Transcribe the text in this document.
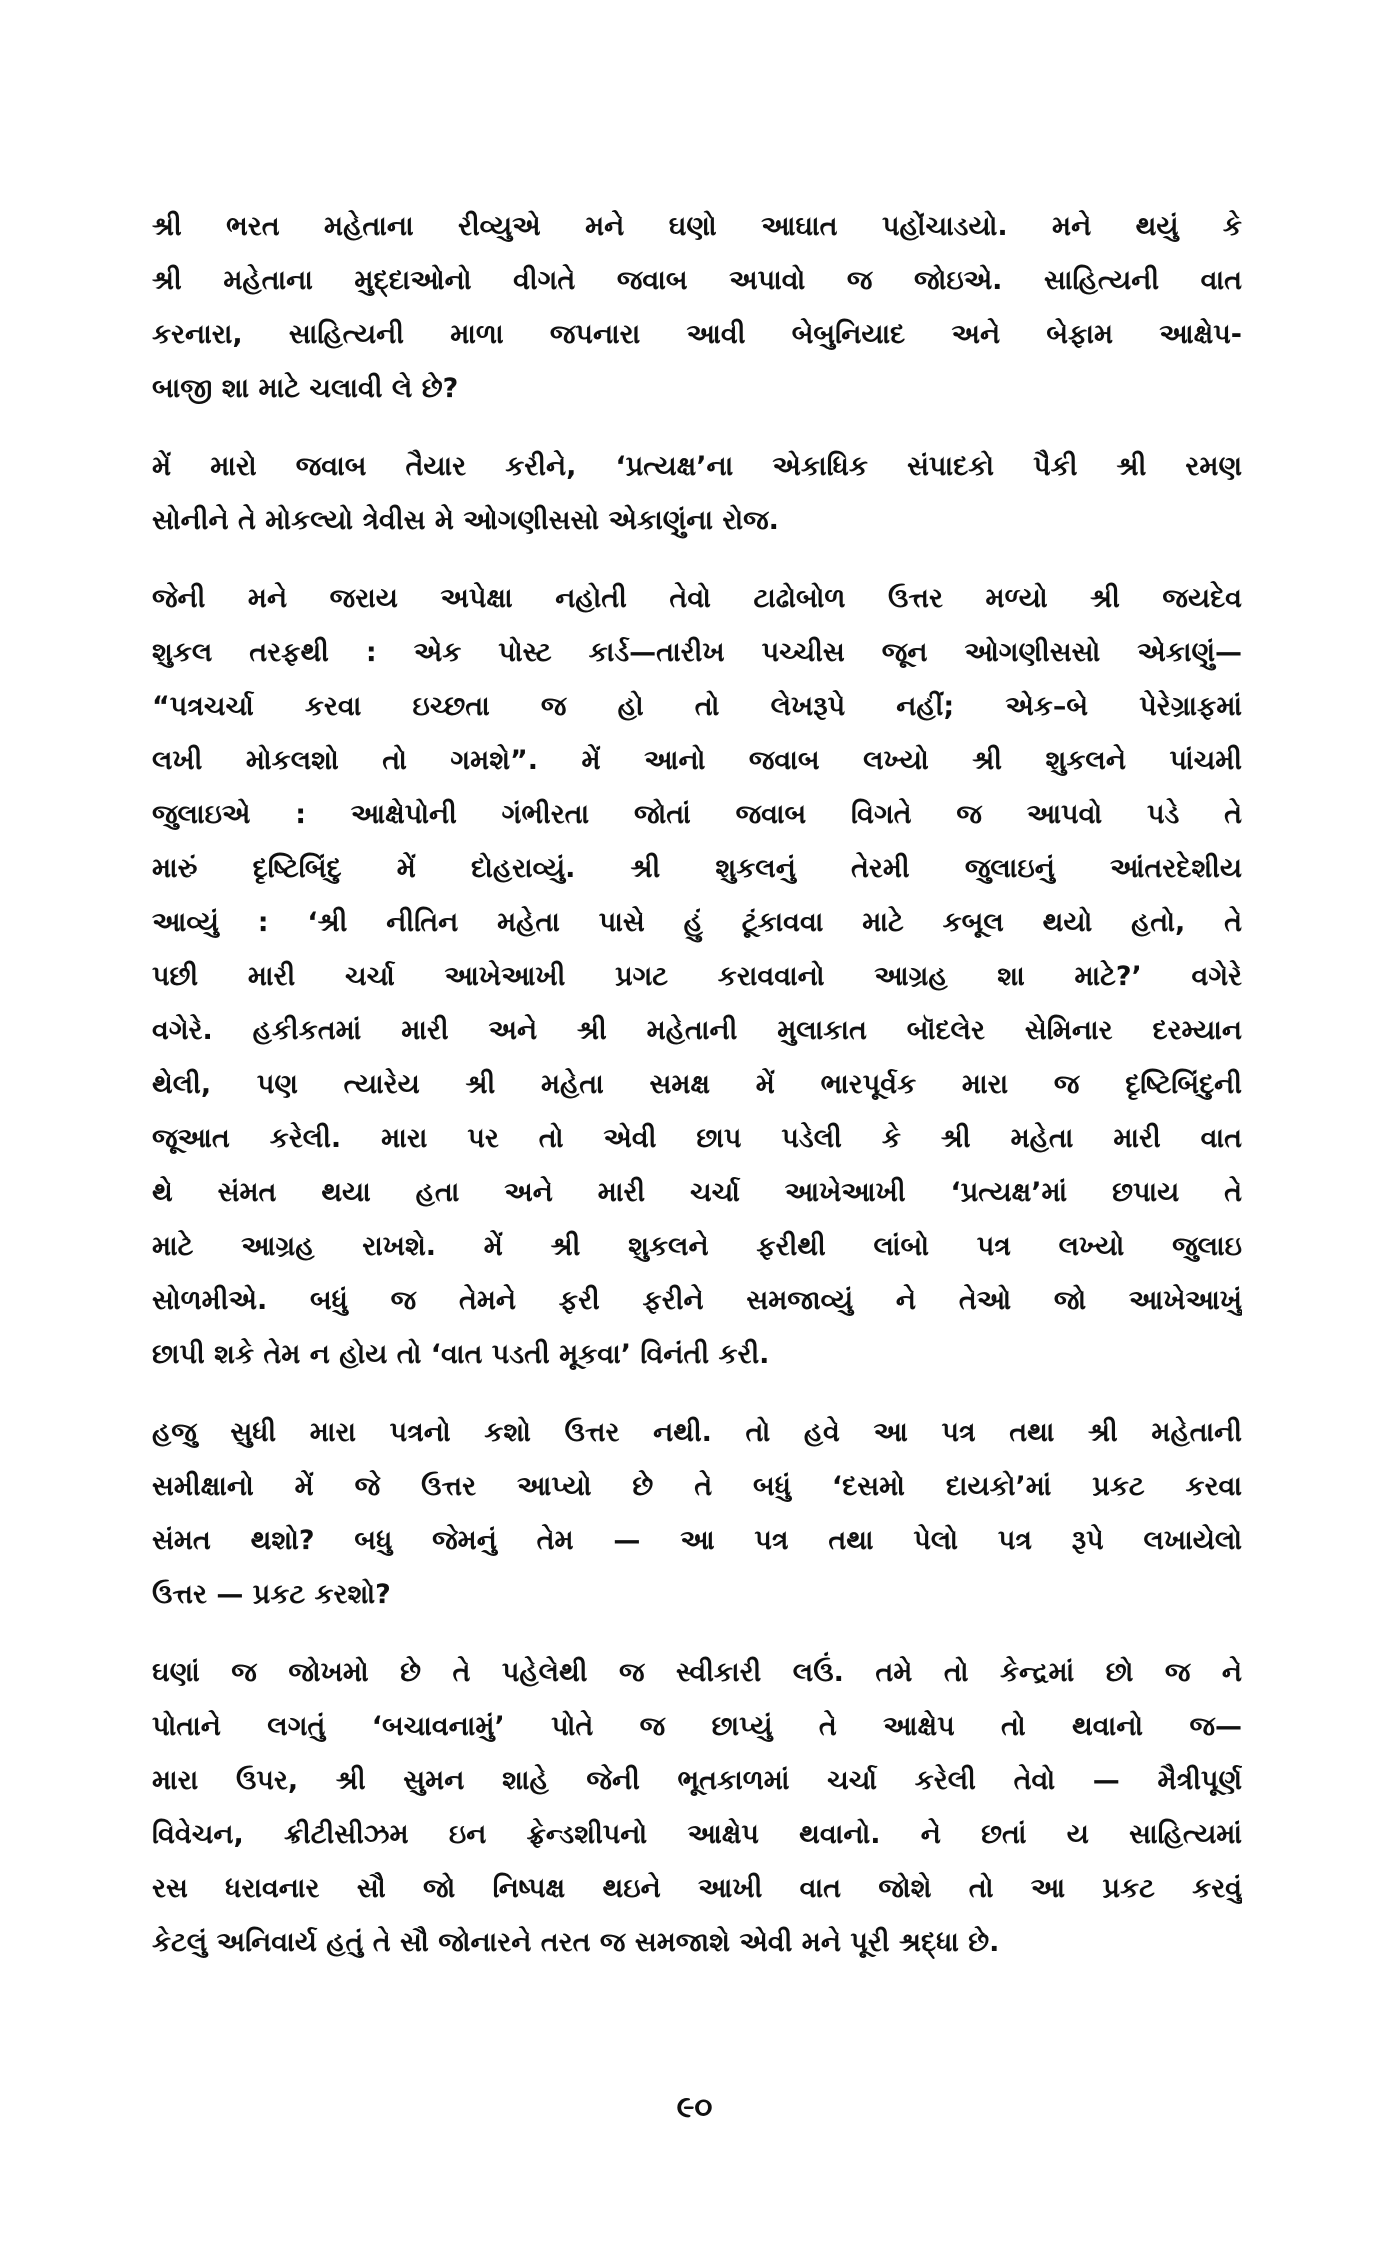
શ્રી ભરત મહેતાના રીવ્યુએ મને ઘણો આઘાત પહોંચાડયો. મને થયું કે
શ્રી મહેતાના મુદ્દાઓનો વીગતે જવાબ અપાવો જ જોઇએ. સાહિત્યની વાત
કરનારા, સાહિત્યની માળા જપનારા આવી બેબુનિયાદ અને બેફામ આક્ષેપ-
બાજી શા માટે ચલાવી લે છે?
મેં મારો જવાબ તૈયાર કરીને, ‘પ્રત્યક્ષ’ના એકાધિક સંપાદકો પૈકી શ્રી રમણ
સોનીને તે મોકલ્યો ત્રેવીસ મે ઓગણીસસો એકાણુંના રોજ.
જેની મને જરાય અપેક્ષા નહોતી તેવો ટાઢોબોળ ઉત્તર મળ્યો શ્રી જયદેવ
શુકલ તરફથી : એક પોસ્ટ કાર્ડ—તારીખ પચ્ચીસ જૂન ઓગણીસસો એકાણું—
“પત્રચર્ચા કરવા ઇચ્છતા જ હો તો લેખરૂપે નહીં; એક–બે પેરેગ્રાફમાં
લખી મોકલશો તો ગમશે”. મેં આનો જવાબ લખ્યો શ્રી શુકલને પાંચમી
જુલાઇએ : આક્ષેપોની ગંભીરતા જોતાં જવાબ વિગતે જ આપવો પડે તે
મારું દૃષ્ટિબિંદુ મેં દોહરાવ્યું. શ્રી શુકલનું તેરમી જુલાઇનું આંતરદેશીય
આવ્યું : ‘શ્રી નીતિન મહેતા પાસે હું ટૂંકાવવા માટે કબૂલ થયો હતો, તે
પછી મારી ચર્ચા આખેઆખી પ્રગટ કરાવવાનો આગ્રહ શા માટે?’ વગેરે
વગેરે. હકીકતમાં મારી અને શ્રી મહેતાની મુલાકાત બૉદલેર સેમિનાર દરમ્યાન
થેલી, પણ ત્યારેય શ્રી મહેતા સમક્ષ મેં ભારપૂર્વક મારા જ દૃષ્ટિબિંદુની
જૂઆત કરેલી. મારા પર તો એવી છાપ પડેલી કે શ્રી મહેતા મારી વાત
થે સંમત થયા હતા અને મારી ચર્ચા આખેઆખી ‘પ્રત્યક્ષ’માં છપાય તે
માટે આગ્રહ રાખશે. મેં શ્રી શુકલને ફરીથી લાંબો પત્ર લખ્યો જુલાઇ
સોળમીએ. બધું જ તેમને ફરી ફરીને સમજાવ્યું ને તેઓ જો આખેઆખું
છાપી શકે તેમ ન હોય તો ‘વાત પડતી મૂકવા’ વિનંતી કરી.
હજુ સુધી મારા પત્રનો કશો ઉત્તર નથી. તો હવે આ પત્ર તથા શ્રી મહેતાની
સમીક્ષાનો મેં જે ઉત્તર આપ્યો છે તે બધું ‘દસમો દાયકો’માં પ્રકટ કરવા
સંમત થશો? બધુ જેમનું તેમ — આ પત્ર તથા પેલો પત્ર રૂપે લખાયેલો
ઉત્તર — પ્રકટ કરશો?
ઘણાં જ જોખમો છે તે પહેલેથી જ સ્વીકારી લઉં. તમે તો કેન્દ્રમાં છો જ ને
પોતાને લગતું ‘બચાવનામું’ પોતે જ છાપ્યું તે આક્ષેપ તો થવાનો જ—
મારા ઉપર, શ્રી સુમન શાહે જેની ભૂતકાળમાં ચર્ચા કરેલી તેવો — મૈત્રીપૂર્ણ
વિવેચન, ક્રીટીસીઝમ ઇન ફ્રેન્ડશીપનો આક્ષેપ થવાનો. ને છતાં ય સાહિત્યમાં
રસ ધરાવનાર સૌ જો નિષ્પક્ષ થઇને આખી વાત જોશે તો આ પ્રકટ કરવું
કેટલું અનિવાર્ય હતું તે સૌ જોનારને તરત જ સમજાશે એવી મને પૂરી શ્રદ્ધા છે.
૯૦
